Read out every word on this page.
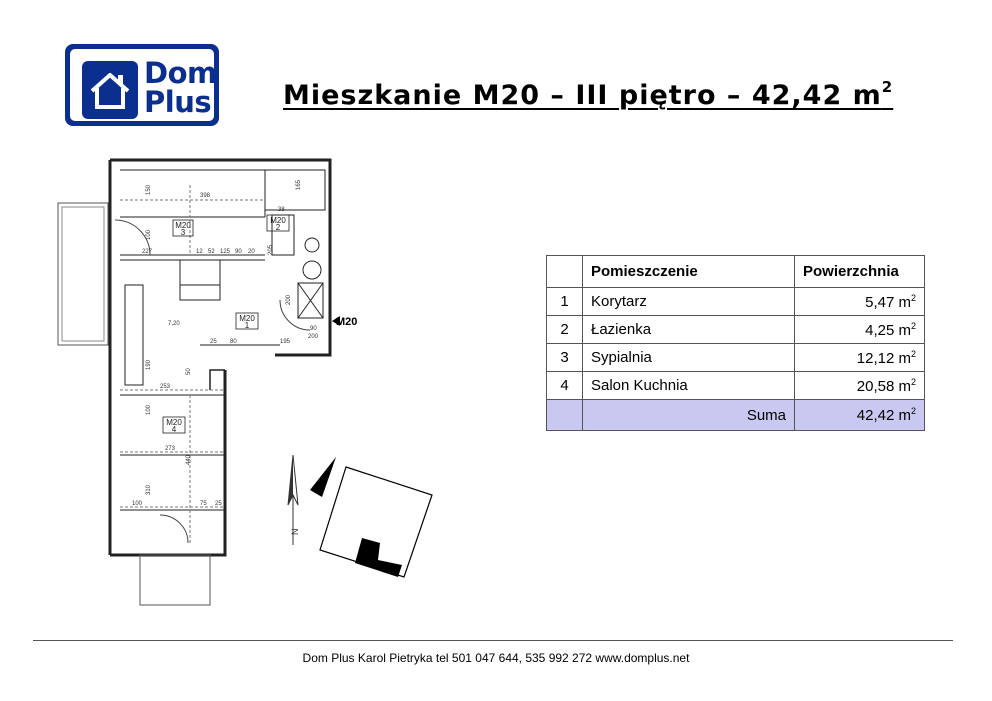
Dom
Plus	Mieszkanie M20 – III piętro – 42,42 $m^2$
M20
3
M20
2
M20
1
M20
4
398
150
100
227	12 52 125 90 20
38
205
200
7,20
90
25 80	195
200
190
50
253
100
273
440
310
100	75 25
165
M20
N
	Pomieszczenie	Powierzchnia
1	Korytarz	5,47 $m^2$
2	Łazienka	4,25 $m^2$
3	Sypialnia	12,12 $m^2$
4	Salon Kuchnia	20,58 $m^2$
	Suma	42,42 $m^2$
Dom Plus Karol Pietryka tel 501 047 644, 535 992 272 www.domplus.net
